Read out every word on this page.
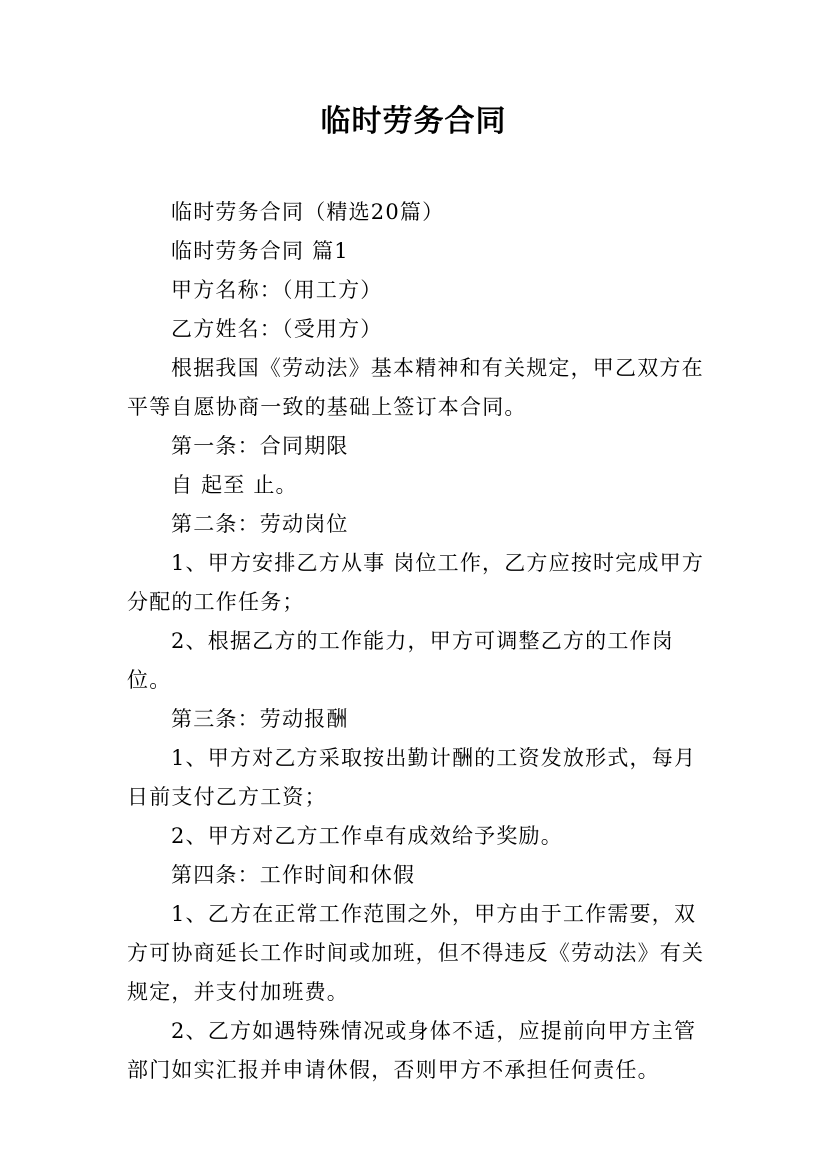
临时劳务合同

临时劳务合同（精选20篇）

临时劳务合同 篇1

甲方名称：（用工方）

乙方姓名：（受用方）

根据我国《劳动法》基本精神和有关规定，甲乙双方在平等自愿协商一致的基础上签订本合同。

第一条：合同期限

自 起至 止。

第二条：劳动岗位

1、甲方安排乙方从事 岗位工作，乙方应按时完成甲方分配的工作任务；

2、根据乙方的工作能力，甲方可调整乙方的工作岗位。

第三条：劳动报酬

1、甲方对乙方采取按出勤计酬的工资发放形式，每月日前支付乙方工资；

2、甲方对乙方工作卓有成效给予奖励。

第四条：工作时间和休假

1、乙方在正常工作范围之外，甲方由于工作需要，双方可协商延长工作时间或加班，但不得违反《劳动法》有关规定，并支付加班费。

2、乙方如遇特殊情况或身体不适，应提前向甲方主管部门如实汇报并申请休假，否则甲方不承担任何责任。
